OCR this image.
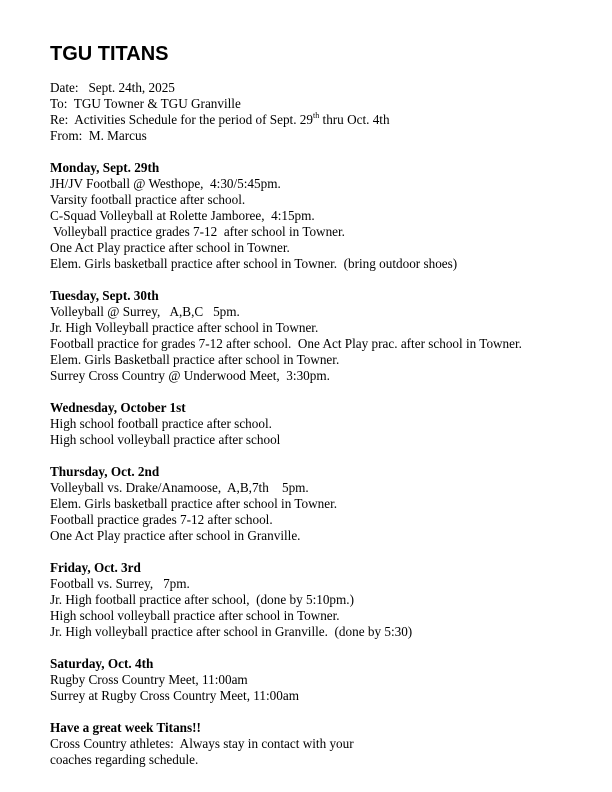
TGU TITANS
Date: Sept. 24th, 2025
To: TGU Towner & TGU Granville
Re: Activities Schedule for the period of Sept. 29th thru Oct. 4th
From: M. Marcus
Monday, Sept. 29th
JH/JV Football @ Westhope,  4:30/5:45pm.
Varsity football practice after school.
C-Squad Volleyball at Rolette Jamboree,  4:15pm.
Volleyball practice grades 7-12  after school in Towner.
One Act Play practice after school in Towner.
Elem. Girls basketball practice after school in Towner.  (bring outdoor shoes)
Tuesday, Sept. 30th
Volleyball @ Surrey,   A,B,C   5pm.
Jr. High Volleyball practice after school in Towner.
Football practice for grades 7-12 after school.  One Act Play prac. after school in Towner.
Elem. Girls Basketball practice after school in Towner.
Surrey Cross Country @ Underwood Meet,  3:30pm.
Wednesday, October 1st
High school football practice after school.
High school volleyball practice after school
Thursday, Oct. 2nd
Volleyball vs. Drake/Anamoose,  A,B,7th    5pm.
Elem. Girls basketball practice after school in Towner.
Football practice grades 7-12 after school.
One Act Play practice after school in Granville.
Friday, Oct. 3rd
Football vs. Surrey,   7pm.
Jr. High football practice after school,  (done by 5:10pm.)
High school volleyball practice after school in Towner.
Jr. High volleyball practice after school in Granville.  (done by 5:30)
Saturday, Oct. 4th
Rugby Cross Country Meet, 11:00am
Surrey at Rugby Cross Country Meet, 11:00am
Have a great week Titans!!
Cross Country athletes:  Always stay in contact with your
coaches regarding schedule.
